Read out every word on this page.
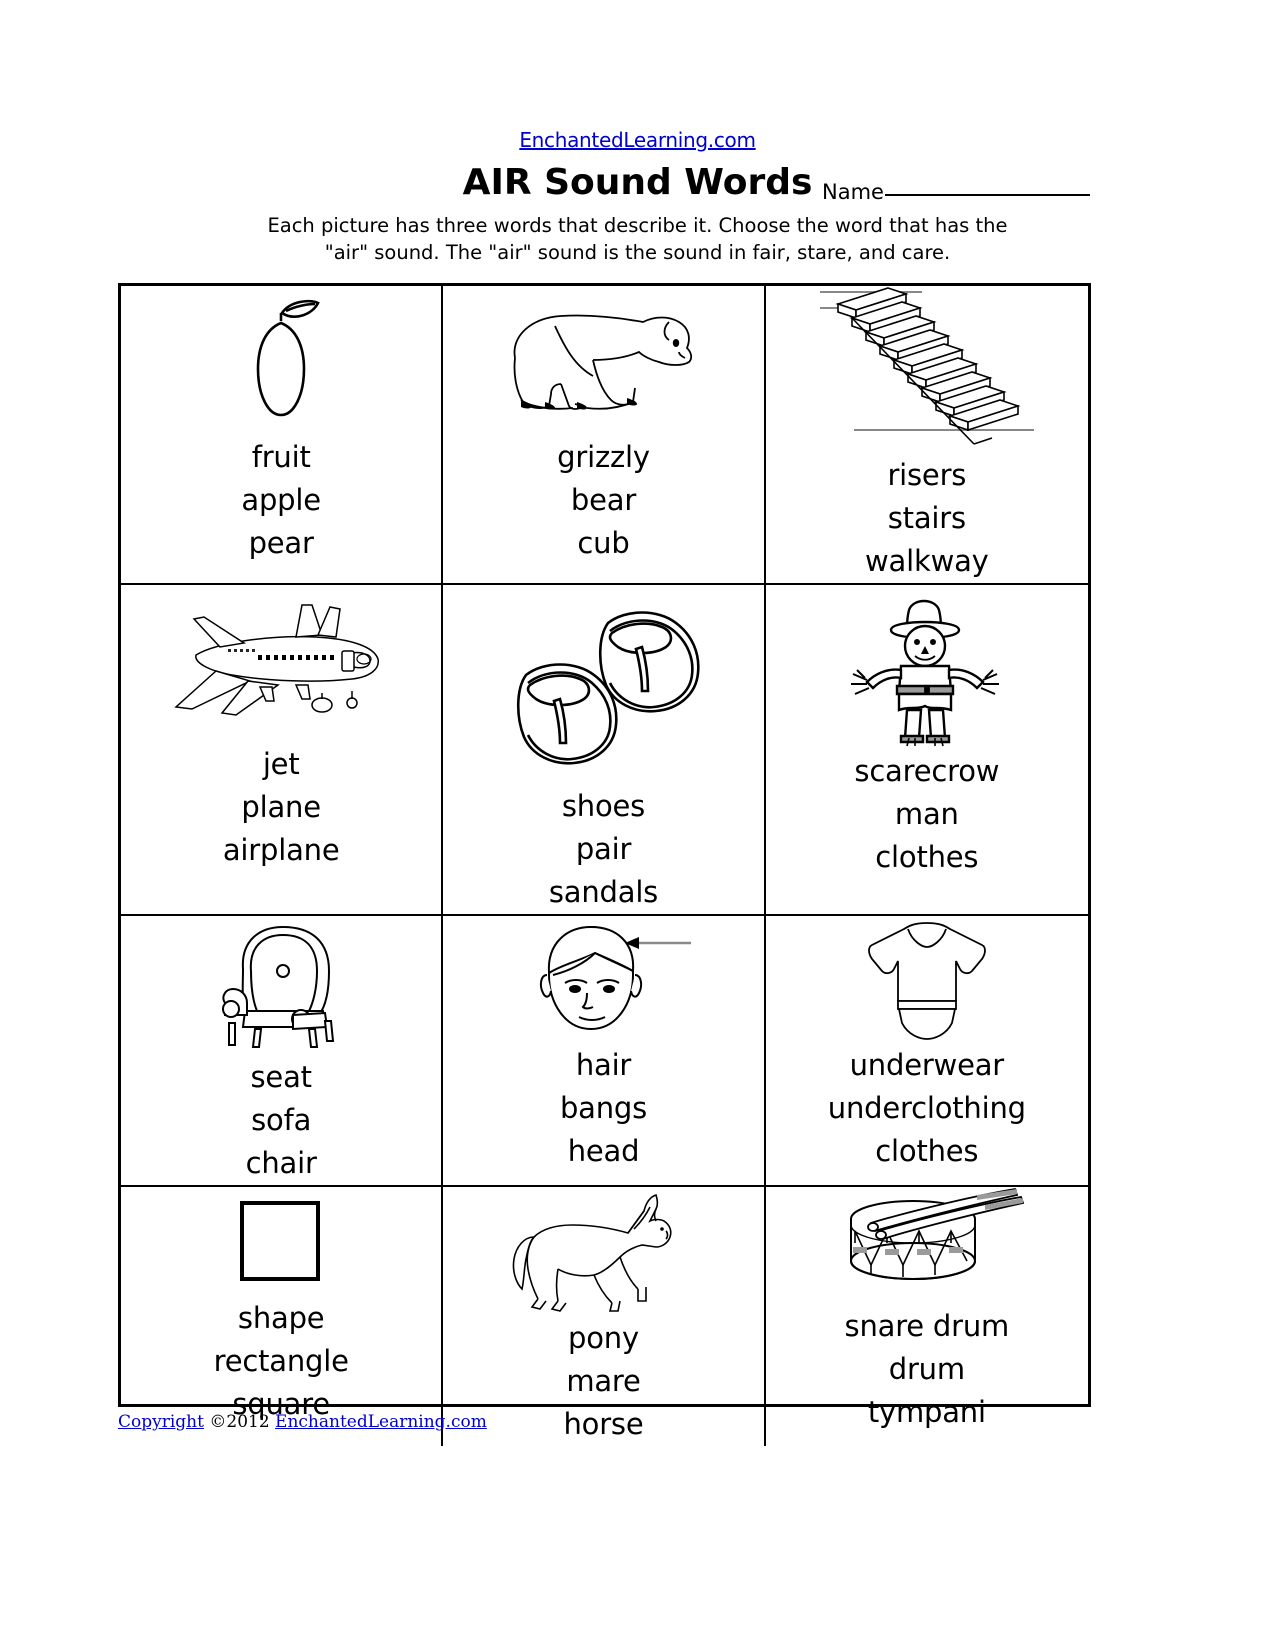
EnchantedLearning.com
AIR Sound Words
Each picture has three words that describe it. Choose the word that has the
"air" sound. The "air" sound is the sound in fair, stare, and care.
Name
fruit
apple
pear
grizzly
bear
cub
risers
stairs
walkway
jet
plane
airplane
shoes
pair
sandals
scarecrow
man
clothes
seat
sofa
chair
hair
bangs
head
underwear
underclothing
clothes
shape
rectangle
square
pony
mare
horse
snare drum
drum
tympani
Copyright ©2012 EnchantedLearning.com
